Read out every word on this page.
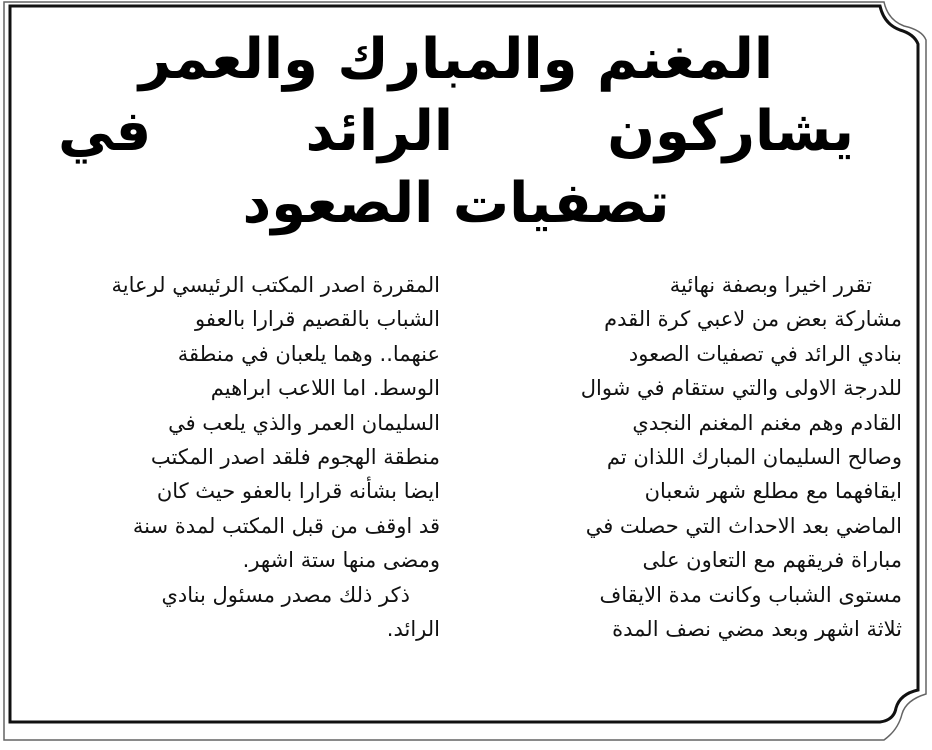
المغنم والمبارك والعمر
يشاركون الرائد في
تصفيات الصعود

تقرر اخيرا وبصفة نهائية

مشاركة بعض من لاعبي كرة القدم

بنادي الرائد في تصفيات الصعود

للدرجة الاولى والتي ستقام في شوال

القادم وهم مغنم المغنم النجدي

وصالح السليمان المبارك اللذان تم

ايقافهما مع مطلع شهر شعبان

الماضي بعد الاحداث التي حصلت في

مباراة فريقهم مع التعاون على

مستوى الشباب وكانت مدة الايقاف

ثلاثة اشهر وبعد مضي نصف المدة

المقررة اصدر المكتب الرئيسي لرعاية

الشباب بالقصيم قرارا بالعفو

عنهما.. وهما يلعبان في منطقة

الوسط. اما اللاعب ابراهيم

السليمان العمر والذي يلعب في

منطقة الهجوم فلقد اصدر المكتب

ايضا بشأنه قرارا بالعفو حيث كان

قد اوقف من قبل المكتب لمدة سنة

ومضى منها ستة اشهر.

ذكر ذلك مصدر مسئول بنادي

الرائد.
